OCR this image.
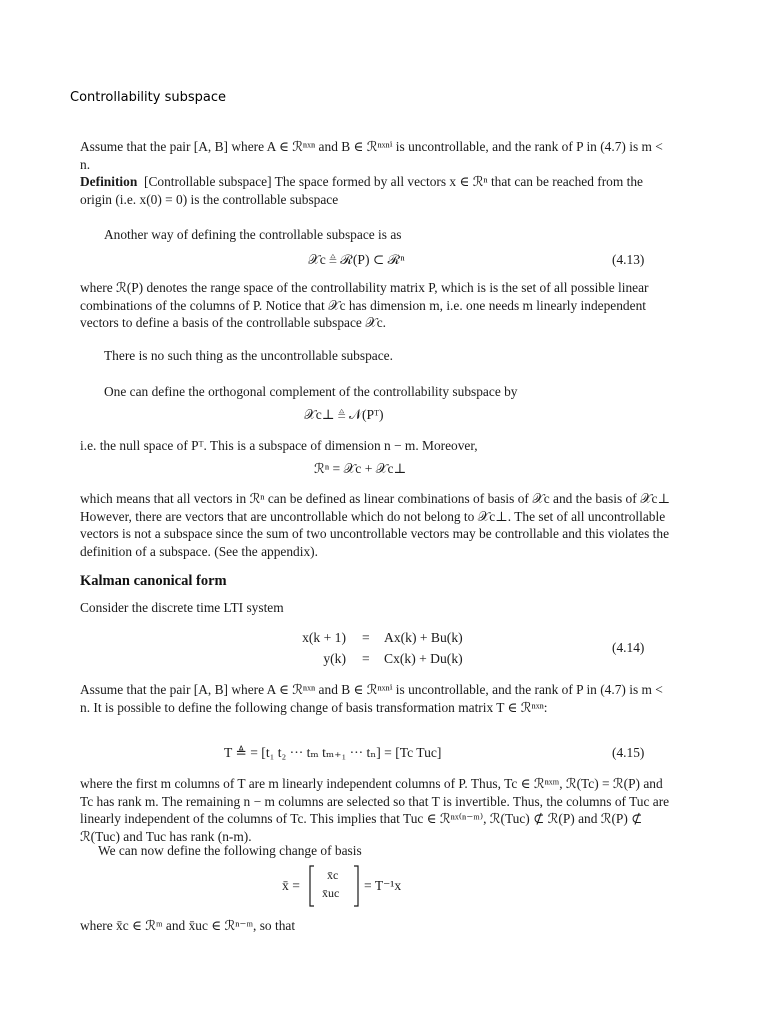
Controllability subspace
Assume that the pair [A, B] where A ∈ ℛⁿˣⁿ and B ∈ ℛⁿˣⁿⁱ is uncontrollable, and the rank of P in (4.7) is m < n.
Definition [Controllable subspace] The space formed by all vectors x ∈ ℛⁿ that can be reached from the origin (i.e. x(0) = 0) is the controllable subspace
Another way of defining the controllable subspace is as
𝒳c ≜ ℛ(P) ⊂ ℛⁿ	(4.13)
where ℛ(P) denotes the range space of the controllability matrix P, which is is the set of all possible linear combinations of the columns of P. Notice that 𝒳c has dimension m, i.e. one needs m linearly independent vectors to define a basis of the controllable subspace 𝒳c.
There is no such thing as the uncontrollable subspace.
One can define the orthogonal complement of the controllability subspace by
𝒳c⊥ ≜ 𝒩(Pᵀ)
i.e. the null space of Pᵀ. This is a subspace of dimension n − m. Moreover,
ℛⁿ = 𝒳c + 𝒳c⊥
which means that all vectors in ℛⁿ can be defined as linear combinations of basis of 𝒳c and the basis of 𝒳c⊥ However, there are vectors that are uncontrollable which do not belong to 𝒳c⊥. The set of all uncontrollable vectors is not a subspace since the sum of two uncontrollable vectors may be controllable and this violates the definition of a subspace. (See the appendix).
Kalman canonical form
Consider the discrete time LTI system
x(k + 1) = Ax(k) + Bu(k)
y(k) = Cx(k) + Du(k)
(4.14)
Assume that the pair [A, B] where A ∈ ℛⁿˣⁿ and B ∈ ℛⁿˣⁿⁱ is uncontrollable, and the rank of P in (4.7) is m < n. It is possible to define the following change of basis transformation matrix T ∈ ℛⁿˣⁿ:
T ≜ = [t₁ t₂ ··· tₘ tₘ₊₁ ··· tₙ] = [Tc Tuc]	(4.15)
where the first m columns of T are m linearly independent columns of P. Thus, Tc ∈ ℛⁿˣᵐ, ℛ(Tc) = ℛ(P) and Tc has rank m. The remaining n − m columns are selected so that T is invertible. Thus, the columns of Tuc are linearly independent of the columns of Tc. This implies that Tuc ∈ ℛⁿˣ⁽ⁿ⁻ᵐ⁾, ℛ(Tuc) ⊄ ℛ(P) and ℛ(P) ⊄ ℛ(Tuc) and Tuc has rank (n-m).
We can now define the following change of basis
x̄ =
x̄c
x̄uc = T⁻¹x
where x̄c ∈ ℛᵐ and x̄uc ∈ ℛⁿ⁻ᵐ, so that
